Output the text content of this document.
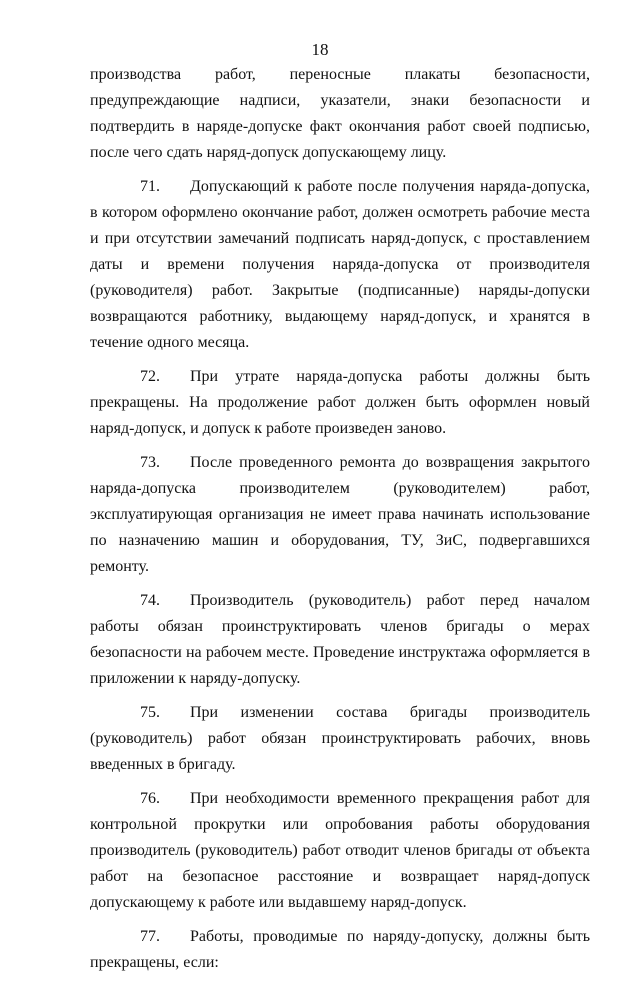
18

производства работ, переносные плакаты безопасности, предупреждающие надписи, указатели, знаки безопасности и подтвердить в наряде-допуске факт окончания работ своей подписью, после чего сдать наряд-допуск допускающему лицу.

71. Допускающий к работе после получения наряда-допуска, в котором оформлено окончание работ, должен осмотреть рабочие места и при отсутствии замечаний подписать наряд-допуск, с проставлением даты и времени получения наряда-допуска от производителя (руководителя) работ. Закрытые (подписанные) наряды-допуски возвращаются работнику, выдающему наряд-допуск, и хранятся в течение одного месяца.

72. При утрате наряда-допуска работы должны быть прекращены. На продолжение работ должен быть оформлен новый наряд-допуск, и допуск к работе произведен заново.

73. После проведенного ремонта до возвращения закрытого наряда-допуска производителем (руководителем) работ, эксплуатирующая организация не имеет права начинать использование по назначению машин и оборудования, ТУ, ЗиС, подвергавшихся ремонту.

74. Производитель (руководитель) работ перед началом работы обязан проинструктировать членов бригады о мерах безопасности на рабочем месте. Проведение инструктажа оформляется в приложении к наряду-допуску.

75. При изменении состава бригады производитель (руководитель) работ обязан проинструктировать рабочих, вновь введенных в бригаду.

76. При необходимости временного прекращения работ для контрольной прокрутки или опробования работы оборудования производитель (руководитель) работ отводит членов бригады от объекта работ на безопасное расстояние и возвращает наряд-допуск допускающему к работе или выдавшему наряд-допуск.

77. Работы, проводимые по наряду-допуску, должны быть прекращены, если:
